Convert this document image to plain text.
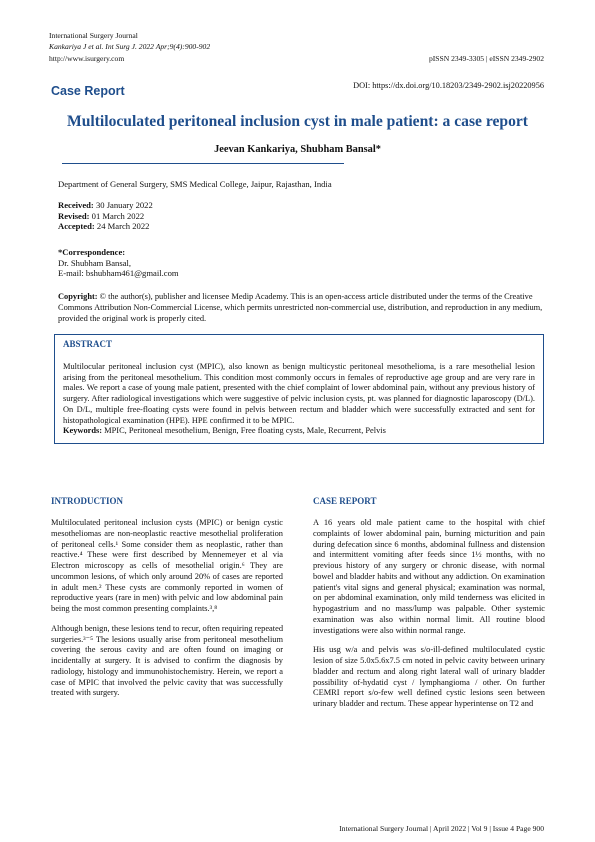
International Surgery Journal
Kankariya J et al. Int Surg J. 2022 Apr;9(4):900-902
http://www.isurgery.com	pISSN 2349-3305 | eISSN 2349-2902
Case Report	DOI: https://dx.doi.org/10.18203/2349-2902.isj20220956
Multiloculated peritoneal inclusion cyst in male patient: a case report
Jeevan Kankariya, Shubham Bansal*
Department of General Surgery, SMS Medical College, Jaipur, Rajasthan, India
Received: 30 January 2022
Revised: 01 March 2022
Accepted: 24 March 2022
*Correspondence:
Dr. Shubham Bansal,
E-mail: bshubham461@gmail.com
Copyright: © the author(s), publisher and licensee Medip Academy. This is an open-access article distributed under the terms of the Creative Commons Attribution Non-Commercial License, which permits unrestricted non-commercial use, distribution, and reproduction in any medium, provided the original work is properly cited.
ABSTRACT
Multilocular peritoneal inclusion cyst (MPIC), also known as benign multicystic peritoneal mesothelioma, is a rare mesothelial lesion arising from the peritoneal mesothelium. This condition most commonly occurs in females of reproductive age group and are very rare in males. We report a case of young male patient, presented with the chief complaint of lower abdominal pain, without any previous history of surgery. After radiological investigations which were suggestive of pelvic inclusion cysts, pt. was planned for diagnostic laparoscopy (D/L). On D/L, multiple free-floating cysts were found in pelvis between rectum and bladder which were successfully extracted and sent for histopathological examination (HPE). HPE confirmed it to be MPIC.
Keywords: MPIC, Peritoneal mesothelium, Benign, Free floating cysts, Male, Recurrent, Pelvis
INTRODUCTION	CASE REPORT

Multiloculated peritoneal inclusion cysts (MPIC) or benign cystic mesotheliomas are non-neoplastic reactive mesothelial proliferation of peritoneal cells.¹ Some consider them as neoplastic, rather than reactive.⁴ These were first described by Mennemeyer et al via Electron microscopy as cells of mesothelial origin.⁶ They are uncommon lesions, of which only around 20% of cases are reported in adult men.² These cysts are commonly reported in women of reproductive years (rare in men) with pelvic and low abdominal pain being the most common presenting complaints.³,⁸

Although benign, these lesions tend to recur, often requiring repeated surgeries.³⁻⁵ The lesions usually arise from peritoneal mesothelium covering the serous cavity and are often found on imaging or incidentally at surgery. It is advised to confirm the diagnosis by radiology, histology and immunohistochemistry. Herein, we report a case of MPIC that involved the pelvic cavity that was successfully treated with surgery.

A 16 years old male patient came to the hospital with chief complaints of lower abdominal pain, burning micturition and pain during defecation since 6 months, abdominal fullness and distension and intermittent vomiting after feeds since 1½ months, with no previous history of any surgery or chronic disease, with normal bowel and bladder habits and without any addiction. On examination patient's vital signs and general physical; examination was normal, on per abdominal examination, only mild tenderness was elicited in hypogastrium and no mass/lump was palpable. Other systemic examination was also within normal limit. All routine blood investigations were also within normal range.

His usg w/a and pelvis was s/o-ill-defined multiloculated cystic lesion of size 5.0x5.6x7.5 cm noted in pelvic cavity between urinary bladder and rectum and along right lateral wall of urinary bladder possibility of-hydatid cyst / lymphangioma / other. On further CEMRI report s/o-few well defined cystic lesions seen between urinary bladder and rectum. These appear hyperintense on T2 and

International Surgery Journal | April 2022 | Vol 9 | Issue 4 Page 900
